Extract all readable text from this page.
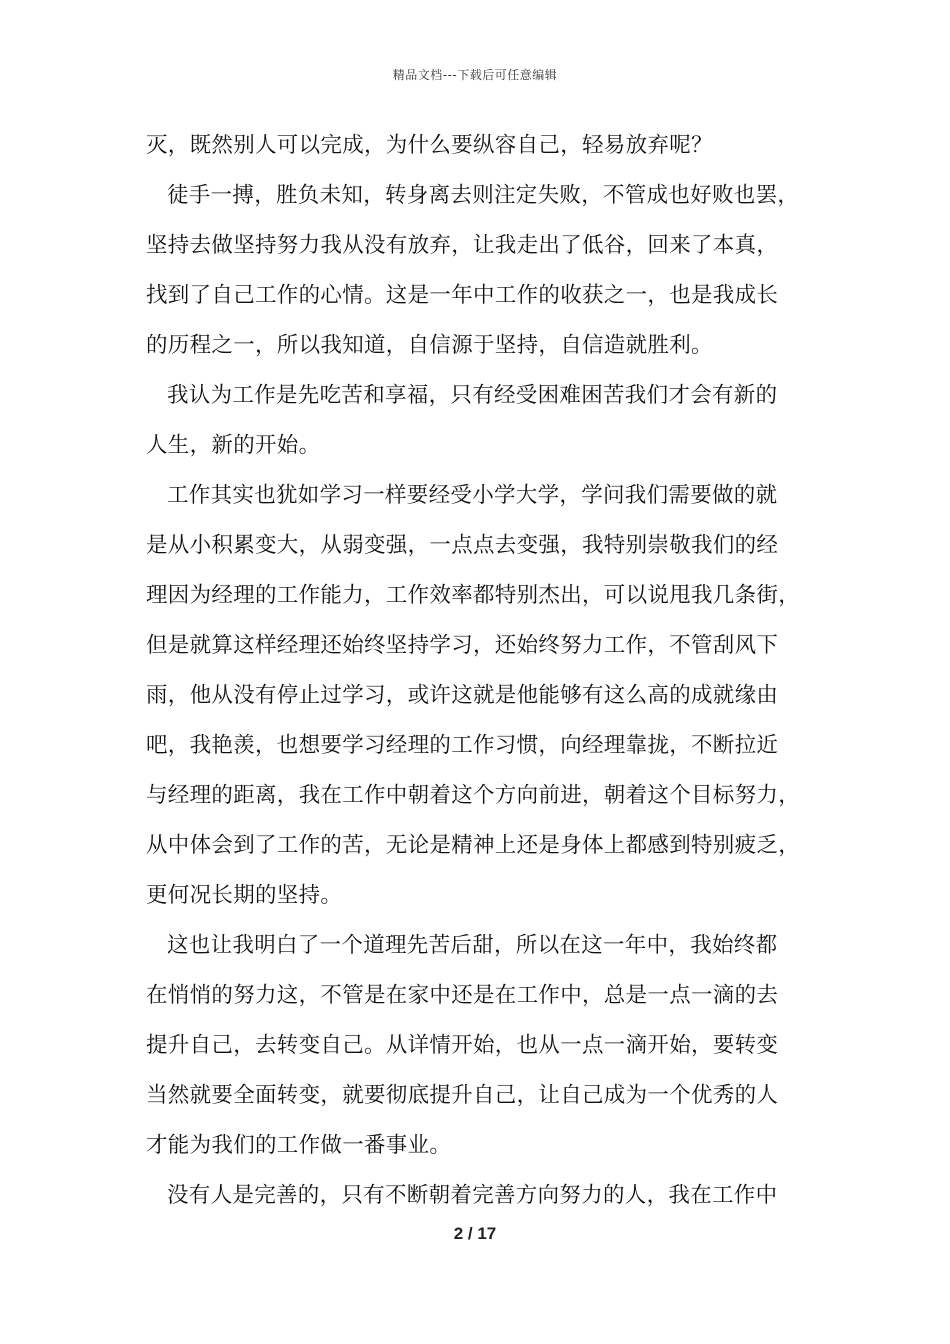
精品文档---下载后可任意编辑
灭，既然别人可以完成，为什么要纵容自己，轻易放弃呢？
徒手一搏，胜负未知，转身离去则注定失败，不管成也好败也罢，
坚持去做坚持努力我从没有放弃，让我走出了低谷，回来了本真，
找到了自己工作的心情。这是一年中工作的收获之一，也是我成长
的历程之一，所以我知道，自信源于坚持，自信造就胜利。
我认为工作是先吃苦和享福，只有经受困难困苦我们才会有新的
人生，新的开始。
工作其实也犹如学习一样要经受小学大学，学问我们需要做的就
是从小积累变大，从弱变强，一点点去变强，我特别崇敬我们的经
理因为经理的工作能力，工作效率都特别杰出，可以说甩我几条街，
但是就算这样经理还始终坚持学习，还始终努力工作，不管刮风下
雨，他从没有停止过学习，或许这就是他能够有这么高的成就缘由
吧，我艳羡，也想要学习经理的工作习惯，向经理靠拢，不断拉近
与经理的距离，我在工作中朝着这个方向前进，朝着这个目标努力，
从中体会到了工作的苦，无论是精神上还是身体上都感到特别疲乏，
更何况长期的坚持。
这也让我明白了一个道理先苦后甜，所以在这一年中，我始终都
在悄悄的努力这，不管是在家中还是在工作中，总是一点一滴的去
提升自己，去转变自己。从详情开始，也从一点一滴开始，要转变
当然就要全面转变，就要彻底提升自己，让自己成为一个优秀的人
才能为我们的工作做一番事业。
没有人是完善的，只有不断朝着完善方向努力的人，我在工作中
2 / 17
